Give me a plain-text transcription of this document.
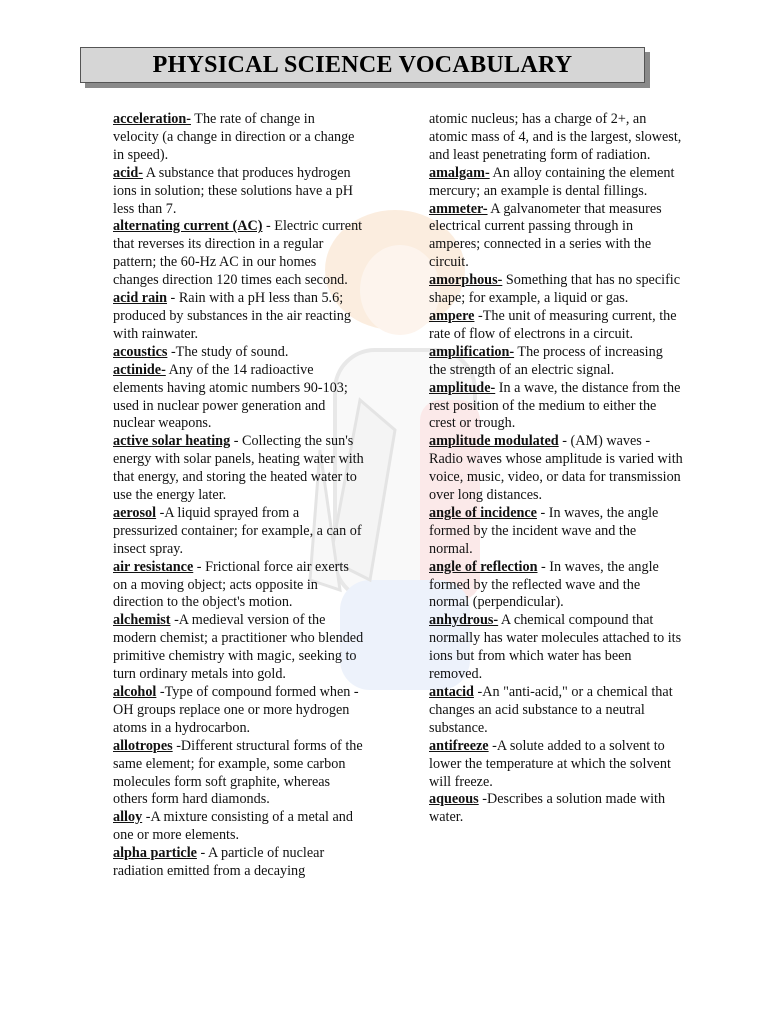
PHYSICAL SCIENCE VOCABULARY

acceleration- The rate of change in velocity (a change in direction or a change in speed).

acid- A substance that produces hydrogen ions in solution; these solutions have a pH less than 7.

alternating current (AC) - Electric current that reverses its direction in a regular pattern; the 60-Hz AC in our homes changes direction 120 times each second.

acid rain - Rain with a pH less than 5.6; produced by substances in the air reacting with rainwater.

acoustics -The study of sound.

actinide- Any of the 14 radioactive elements having atomic numbers 90-103; used in nuclear power generation and nuclear weapons.

active solar heating - Collecting the sun's energy with solar panels, heating water with that energy, and storing the heated water to use the energy later.

aerosol -A liquid sprayed from a pressurized container; for example, a can of insect spray.

air resistance - Frictional force air exerts on a moving object; acts opposite in direction to the object's motion.

alchemist -A medieval version of the modern chemist; a practitioner who blended primitive chemistry with magic, seeking to turn ordinary metals into gold.

alcohol -Type of compound formed when -OH groups replace one or more hydrogen atoms in a hydrocarbon.

allotropes -Different structural forms of the same element; for example, some carbon molecules form soft graphite, whereas others form hard diamonds.

alloy -A mixture consisting of a metal and one or more elements.

alpha particle - A particle of nuclear radiation emitted from a decaying

atomic nucleus; has a charge of 2+, an atomic mass of 4, and is the largest, slowest, and least penetrating form of radiation.

amalgam- An alloy containing the element mercury; an example is dental fillings.

ammeter- A galvanometer that measures electrical current passing through in amperes; connected in a series with the circuit.

amorphous- Something that has no specific shape; for example, a liquid or gas.

ampere -The unit of measuring current, the rate of flow of electrons in a circuit.

amplification- The process of increasing the strength of an electric signal.

amplitude- In a wave, the distance from the rest position of the medium to either the crest or trough.

amplitude modulated - (AM) waves - Radio waves whose amplitude is varied with voice, music, video, or data for transmission over long distances.

angle of incidence - In waves, the angle formed by the incident wave and the normal.

angle of reflection - In waves, the angle formed by the reflected wave and the normal (perpendicular).

anhydrous- A chemical compound that normally has water molecules attached to its ions but from which water has been removed.

antacid -An "anti-acid," or a chemical that changes an acid substance to a neutral substance.

antifreeze -A solute added to a solvent to lower the temperature at which the solvent will freeze.

aqueous -Describes a solution made with water.
